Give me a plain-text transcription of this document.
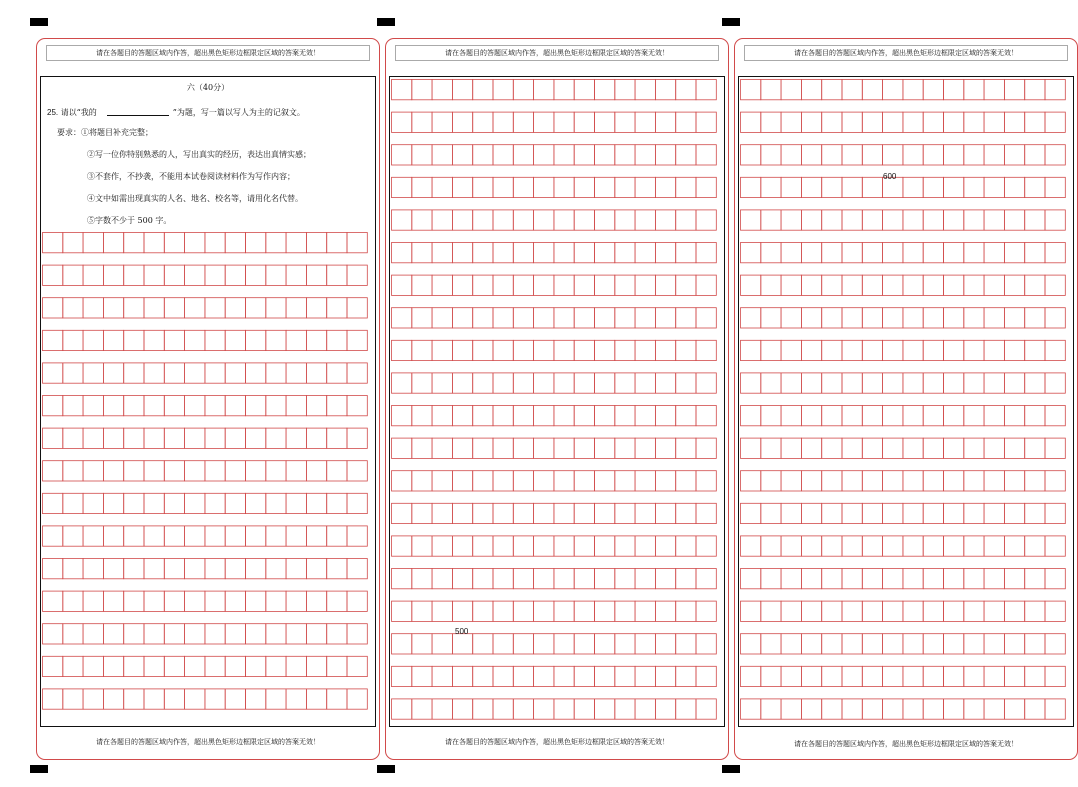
请在各题目的答题区域内作答，超出黑色矩形边框限定区域的答案无效！
六（40分）
25. 请以“我的	”为题，写一篇以写人为主的记叙文。
要求：①将题目补充完整；
②写一位你特别熟悉的人，写出真实的经历，表达出真情实感；
③不套作，不抄袭，不能用本试卷阅读材料作为写作内容；
④文中如需出现真实的人名、地名、校名等，请用化名代替。
⑤字数不少于 500 字。
请在各题目的答题区域内作答，超出黑色矩形边框限定区域的答案无效！
请在各题目的答题区域内作答，超出黑色矩形边框限定区域的答案无效！
500
请在各题目的答题区域内作答，超出黑色矩形边框限定区域的答案无效！
请在各题目的答题区域内作答，超出黑色矩形边框限定区域的答案无效！
600
请在各题目的答题区域内作答，超出黑色矩形边框限定区域的答案无效！
